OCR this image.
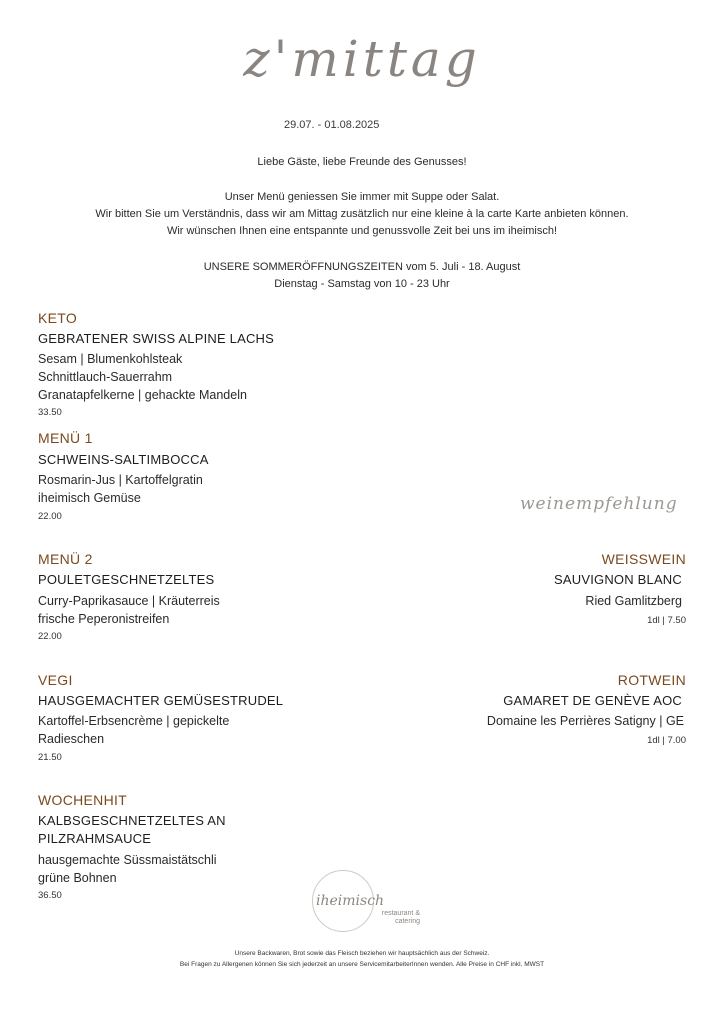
z'mittag
29.07. - 01.08.2025
Liebe Gäste, liebe Freunde des Genusses!
Unser Menü geniessen Sie immer mit Suppe oder Salat.
Wir bitten Sie um Verständnis, dass wir am Mittag zusätzlich nur eine kleine à la carte Karte anbieten können.
Wir wünschen Ihnen eine entspannte und genussvolle Zeit bei uns im iheimisch!
UNSERE SOMMERÖFFNUNGSZEITEN vom 5. Juli - 18. August
Dienstag - Samstag von 10 - 23 Uhr
KETO
GEBRATENER SWISS ALPINE LACHS
Sesam | Blumenkohlsteak
Schnittlauch-Sauerrahm
Granatapfelkerne | gehackte Mandeln
33.50
MENÜ 1
SCHWEINS-SALTIMBOCCA
Rosmarin-Jus | Kartoffelgratin
iheimisch Gemüse
22.00
weinempfehlung
MENÜ 2
POULETGESCHNETZELTES
Curry-Paprikasauce | Kräuterreis
frische Peperonistreifen
22.00
WEISSWEIN
SAUVIGNON BLANC
Ried Gamlitzberg
1dl | 7.50
VEGI
HAUSGEMACHTER GEMÜSESTRUDEL
Kartoffel-Erbsencrème | gepickelte
Radieschen
21.50
ROTWEIN
GAMARET DE GENÈVE AOC
Domaine les Perrières Satigny | GE
1dl | 7.00
WOCHENHIT
KALBSGESCHNETZELTES AN
PILZRAHMSAUCE
hausgemachte Süssmaistätschli
grüne Bohnen
36.50	iheimisch
restaurant &
catering
Unsere Backwaren, Brot sowie das Fleisch beziehen wir hauptsächlich aus der Schweiz.
Bei Fragen zu Allergenen können Sie sich jederzeit an unsere ServicemitarbeiterInnen wenden. Alle Preise in CHF inkl. MWST
